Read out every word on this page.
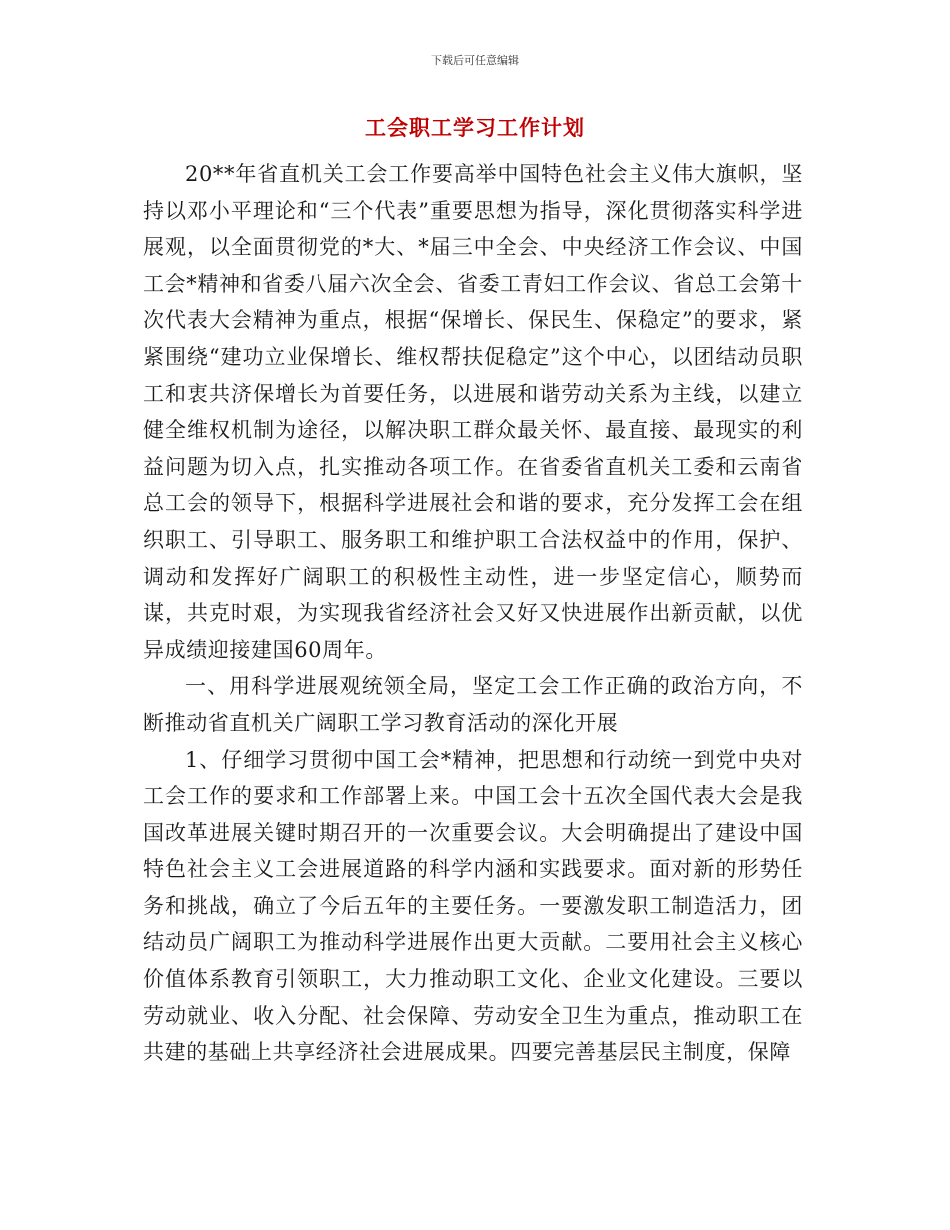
下载后可任意编辑
工会职工学习工作计划

20**年省直机关工会工作要高举中国特色社会主义伟大旗帜，坚持以邓小平理论和“三个代表”重要思想为指导，深化贯彻落实科学进展观，以全面贯彻党的*大、*届三中全会、中央经济工作会议、中国工会*精神和省委八届六次全会、省委工青妇工作会议、省总工会第十次代表大会精神为重点，根据“保增长、保民生、保稳定”的要求，紧紧围绕“建功立业保增长、维权帮扶促稳定”这个中心，以团结动员职工和衷共济保增长为首要任务，以进展和谐劳动关系为主线，以建立健全维权机制为途径，以解决职工群众最关怀、最直接、最现实的利益问题为切入点，扎实推动各项工作。在省委省直机关工委和云南省总工会的领导下，根据科学进展社会和谐的要求，充分发挥工会在组织职工、引导职工、服务职工和维护职工合法权益中的作用，保护、调动和发挥好广阔职工的积极性主动性，进一步坚定信心，顺势而谋，共克时艰，为实现我省经济社会又好又快进展作出新贡献，以优异成绩迎接建国60周年。

一、用科学进展观统领全局，坚定工会工作正确的政治方向，不断推动省直机关广阔职工学习教育活动的深化开展

1、仔细学习贯彻中国工会*精神，把思想和行动统一到党中央对工会工作的要求和工作部署上来。中国工会十五次全国代表大会是我国改革进展关键时期召开的一次重要会议。大会明确提出了建设中国特色社会主义工会进展道路的科学内涵和实践要求。面对新的形势任务和挑战，确立了今后五年的主要任务。一要激发职工制造活力，团结动员广阔职工为推动科学进展作出更大贡献。二要用社会主义核心价值体系教育引领职工，大力推动职工文化、企业文化建设。三要以劳动就业、收入分配、社会保障、劳动安全卫生为重点，推动职工在共建的基础上共享经济社会进展成果。四要完善基层民主制度，保障
